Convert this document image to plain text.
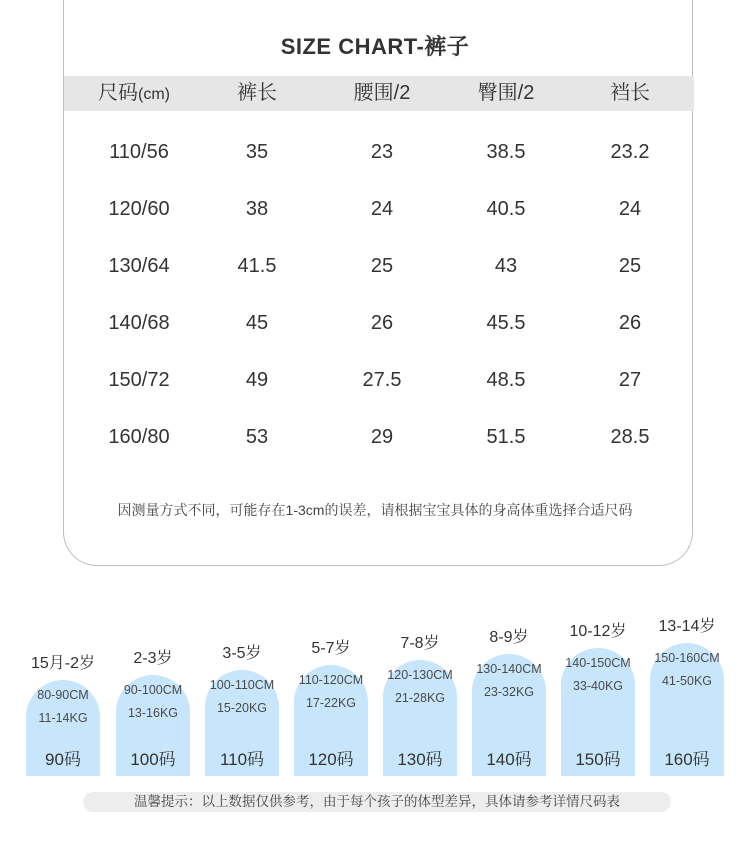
SIZE CHART-裤子
尺码(cm)	裤长	腰围/2	臀围/2	裆长
110/56	35	23	38.5	23.2
120/60	38	24	40.5	24
130/64	41.5	25	43	25
140/68	45	26	45.5	26
150/72	49	27.5	48.5	27
160/80	53	29	51.5	28.5
因测量方式不同，可能存在1-3cm的误差，请根据宝宝具体的身高体重选择合适尺码
15月-2岁
80-90CM
11-14KG
90码
2-3岁
90-100CM
13-16KG
100码
3-5岁
100-110CM
15-20KG
110码
5-7岁
110-120CM
17-22KG
120码
7-8岁
120-130CM
21-28KG
130码
8-9岁
130-140CM
23-32KG
140码
10-12岁
140-150CM
33-40KG
150码
13-14岁
150-160CM
41-50KG
160码
温馨提示：以上数据仅供参考，由于每个孩子的体型差异，具体请参考详情尺码表
